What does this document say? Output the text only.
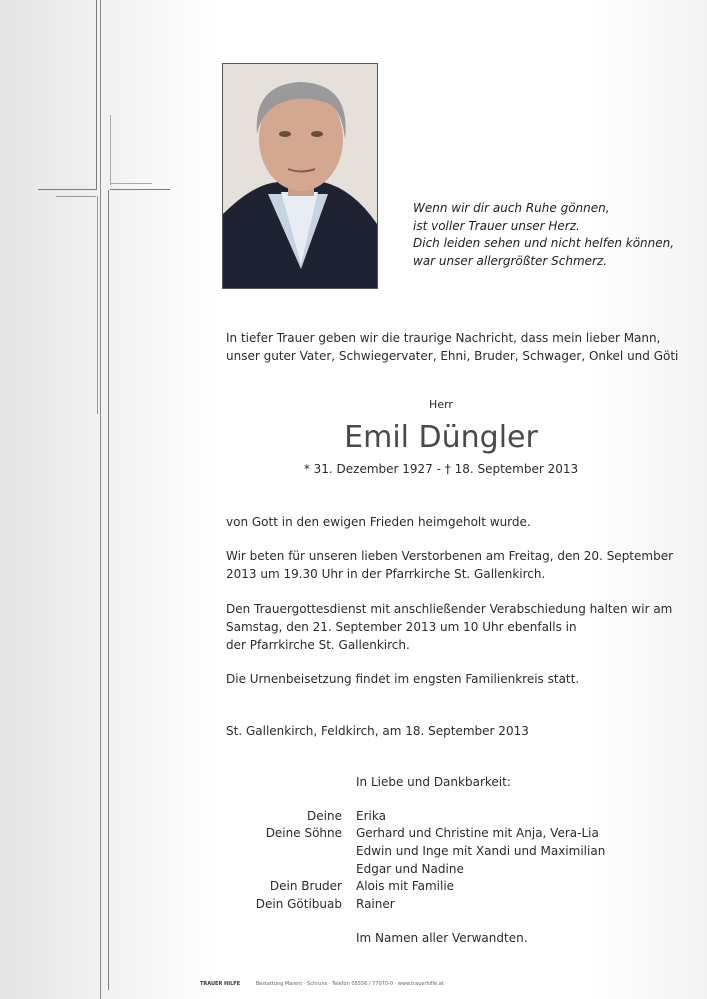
Wenn wir dir auch Ruhe gönnen,
ist voller Trauer unser Herz.
Dich leiden sehen und nicht helfen können,
war unser allergrößter Schmerz.
In tiefer Trauer geben wir die traurige Nachricht, dass mein lieber Mann,
unser guter Vater, Schwiegervater, Ehni, Bruder, Schwager, Onkel und Göti
Herr
Emil Düngler
* 31. Dezember 1927 - † 18. September 2013
von Gott in den ewigen Frieden heimgeholt wurde.
Wir beten für unseren lieben Verstorbenen am Freitag, den 20. September
2013 um 19.30 Uhr in der Pfarrkirche St. Gallenkirch.
Den Trauergottesdienst mit anschließender Verabschiedung halten wir am
Samstag, den 21. September 2013 um 10 Uhr ebenfalls in
der Pfarrkirche St. Gallenkirch.
Die Urnenbeisetzung findet im engsten Familienkreis statt.
St. Gallenkirch, Feldkirch, am 18. September 2013
In Liebe und Dankbarkeit:
Deine Erika
Deine Söhne Gerhard und Christine mit Anja, Vera-Lia
Edwin und Inge mit Xandi und Maximilian
Edgar und Nadine
Dein Bruder Alois mit Familie
Dein Götibuab Rainer
Im Namen aller Verwandten.
TRAUER HILFE	Bestattung Marent · Schruns · Telefon 05556 / 77070-0 · www.trauerhilfe.at
